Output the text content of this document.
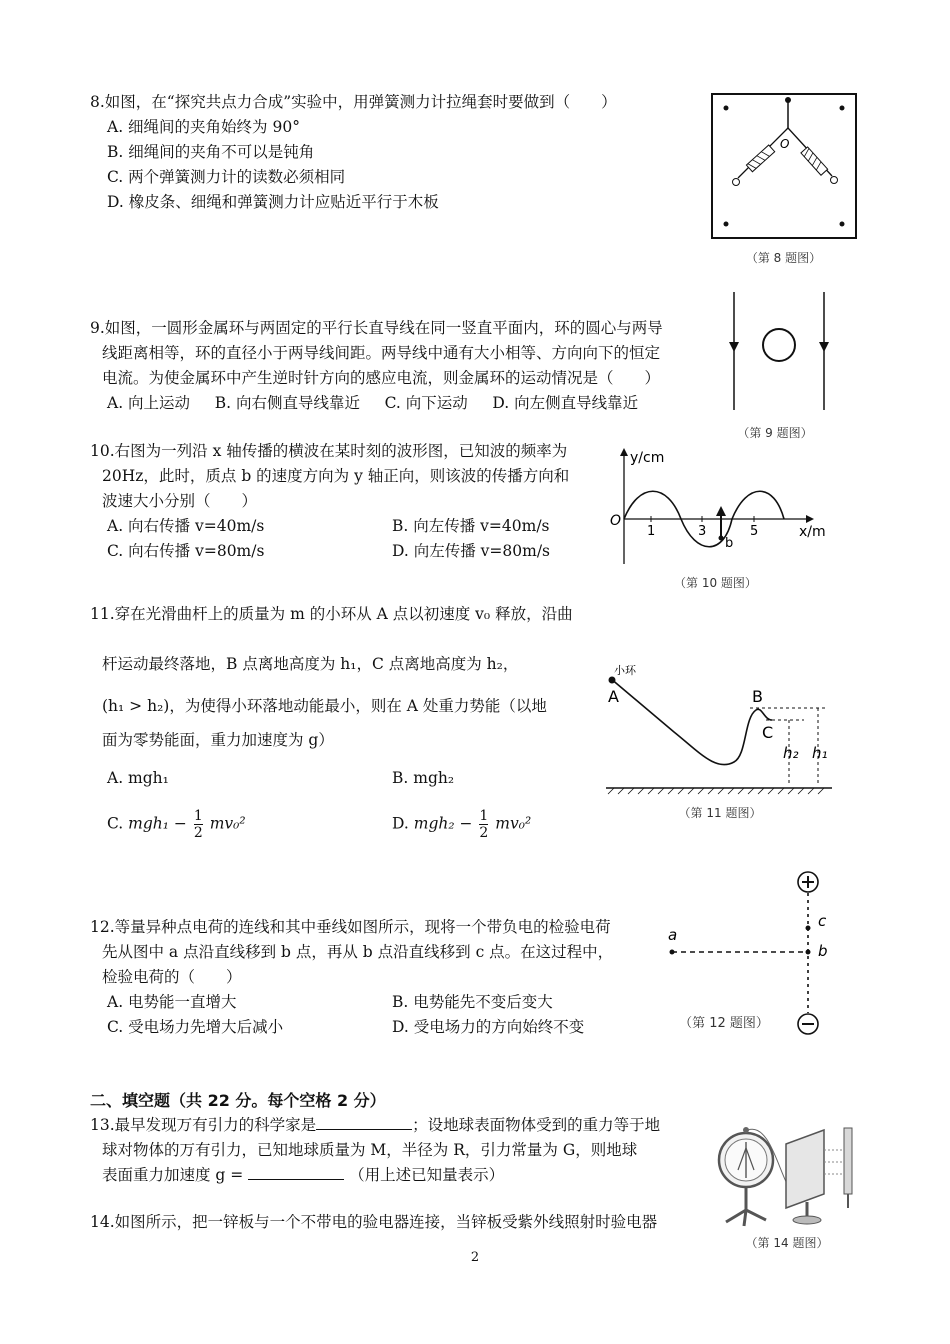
8.如图，在“探究共点力合成”实验中，用弹簧测力计拉绳套时要做到（　　）
A. 细绳间的夹角始终为 90°
B. 细绳间的夹角不可以是钝角
C. 两个弹簧测力计的读数必须相同
D. 橡皮条、细绳和弹簧测力计应贴近平行于木板
O
（第 8 题图）
9.如图，一圆形金属环与两固定的平行长直导线在同一竖直平面内，环的圆心与两导
线距离相等，环的直径小于两导线间距。两导线中通有大小相等、方向向下的恒定
电流。为使金属环中产生逆时针方向的感应电流，则金属环的运动情况是（　　）
A. 向上运动 B. 向右侧直导线靠近 C. 向下运动 D. 向左侧直导线靠近
（第 9 题图）
10.右图为一列沿 x 轴传播的横波在某时刻的波形图，已知波的频率为
20Hz，此时，质点 b 的速度方向为 y 轴正向，则该波的传播方向和
波速大小分别（　　）
A. 向右传播 v=40m/s	B. 向左传播 v=40m/s
C. 向右传播 v=80m/s	D. 向左传播 v=80m/s
y/cm
x/m
O
1	3	5
b
（第 10 题图）
11.穿在光滑曲杆上的质量为 m 的小环从 A 点以初速度 v₀ 释放，沿曲
杆运动最终落地，B 点离地高度为 h₁，C 点离地高度为 h₂，
(h₁ > h₂)，为使得小环落地动能最小，则在 A 处重力势能（以地
面为零势能面，重力加速度为 g）
A. mgh₁	B. mgh₂
C. $mgh_1 - \frac{1}{2} mv_0^2$	D. $mgh_2 - \frac{1}{2} mv_0^2$
小环
A	B
C
h₂ h₁
（第 11 题图）
12.等量异种点电荷的连线和其中垂线如图所示，现将一个带负电的检验电荷
先从图中 a 点沿直线移到 b 点，再从 b 点沿直线移到 c 点。在这过程中，
检验电荷的（　　）
A. 电势能一直增大	B. 电势能先不变后变大
C. 受电场力先增大后减小	D. 受电场力的方向始终不变
a
b
c
（第 12 题图）
二、填空题（共 22 分。每个空格 2 分）
13.最早发现万有引力的科学家是	；设地球表面物体受到的重力等于地
球对物体的万有引力，已知地球质量为 M，半径为 R，引力常量为 G，则地球
表面重力加速度 g =	（用上述已知量表示）
14.如图所示，把一锌板与一个不带电的验电器连接，当锌板受紫外线照射时验电器
（第 14 题图）
2
